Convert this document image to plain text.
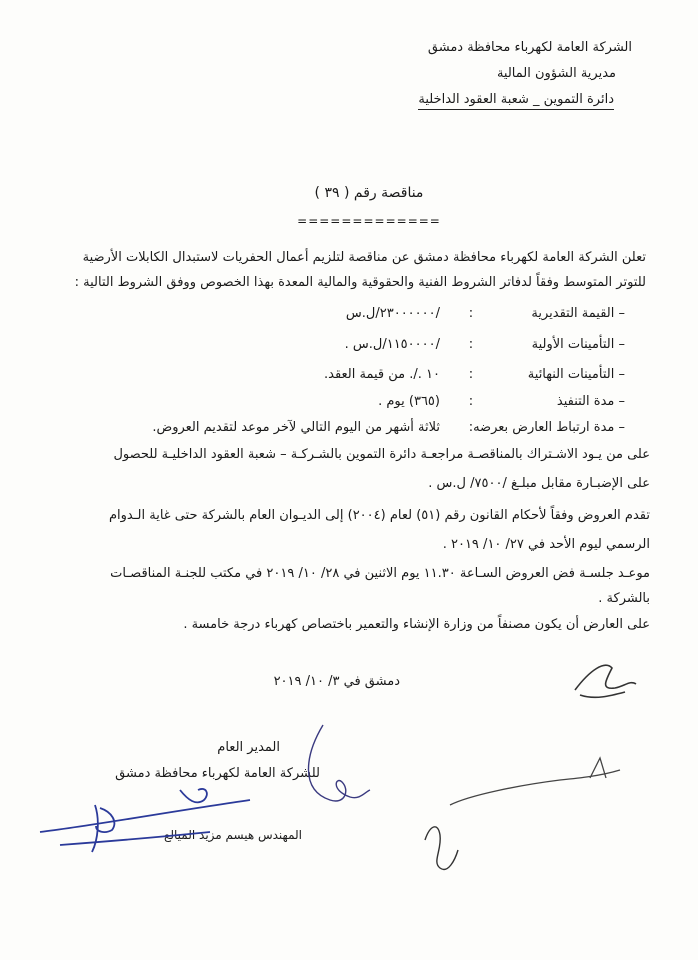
الشركة العامة لكهرباء محافظة دمشق
مديرية الشؤون المالية
دائرة التموين _ شعبة العقود الداخلية
مناقصة رقم ( ٣٩ )
=============
تعلن الشركة العامة لكهرباء محافظة دمشق عن مناقصة لتلزيم أعمال الحفريات لاستبدال الكابلات الأرضية
للتوتر المتوسط وفقاً لدفاتر الشروط الفنية والحقوقية والمالية المعدة بهذا الخصوص ووفق الشروط التالية :
– القيمة التقديرية
:
/٢٣٠٠٠٠٠٠/ل.س
– التأمينات الأولية
:
/١١٥٠٠٠٠/ل.س .
– التأمينات النهائية
:
١٠ ./. من قيمة العقد.
– مدة التنفيذ
:
(٣٦٥) يوم .
– مدة ارتباط العارض بعرضه
:
ثلاثة أشهر من اليوم التالي لآخر موعد لتقديم العروض.
على من يـود الاشـتراك بالمناقصـة مراجعـة دائرة التموين بالشـركـة – شعبة العقود الداخليـة للحصول
على الإضبـارة مقابل مبلـغ /٧٥٠٠/ ل.س .
تقدم العروض وفقاً لأحكام القانون رقم (٥١) لعام (٢٠٠٤) إلى الديـوان العام بالشركة حتى غاية الـدوام
الرسمي ليوم الأحد في ٢٧/ ١٠/ ٢٠١٩ .
موعـد جلسـة فض العروض السـاعة ١١.٣٠ يوم الاثنين في ٢٨/ ١٠/ ٢٠١٩ في مكتب للجنـة المناقصـات
بالشركة .
على العارض أن يكون مصنفاً من وزارة الإنشاء والتعمير باختصاص كهرباء درجة خامسة .
دمشق في ٣/ ١٠/ ٢٠١٩
المدير العام
للشركة العامة لكهرباء محافظة دمشق
المهندس هيسم مزيد الميالع
